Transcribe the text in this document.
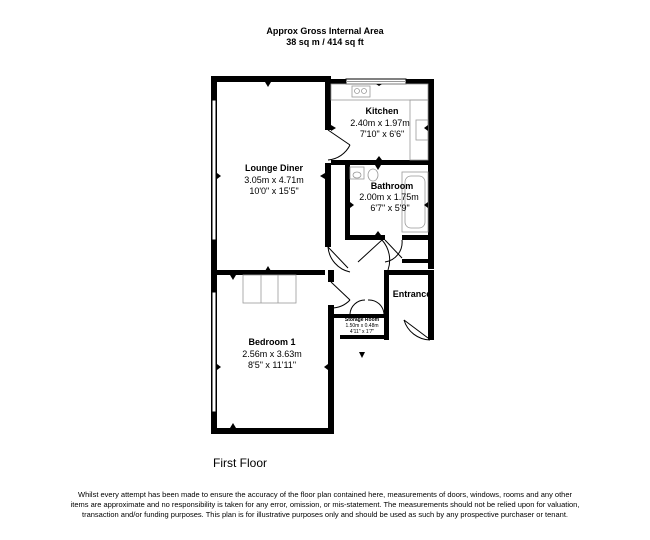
Approx Gross Internal Area
38 sq m / 414 sq ft
Lounge Diner
3.05m x 4.71m
10'0" x 15'5"
Kitchen
2.40m x 1.97m
7'10" x 6'6"
Bathroom
2.00m x 1.75m
6'7" x 5'9"
Bedroom 1
2.56m x 3.63m
8'5" x 11'11"
Entrance
Storage Room
1.50m x 0.48m
4'11" x 1'7"
First Floor
Whilst every attempt has been made to ensure the accuracy of the floor plan contained here, measurements of doors, windows, rooms and any other items are approximate and no responsibility is taken for any error, omission, or mis-statement. The measurements should not be relied upon for valuation, transaction and/or funding purposes. This plan is for illustrative purposes only and should be used as such by any prospective purchaser or tenant.
